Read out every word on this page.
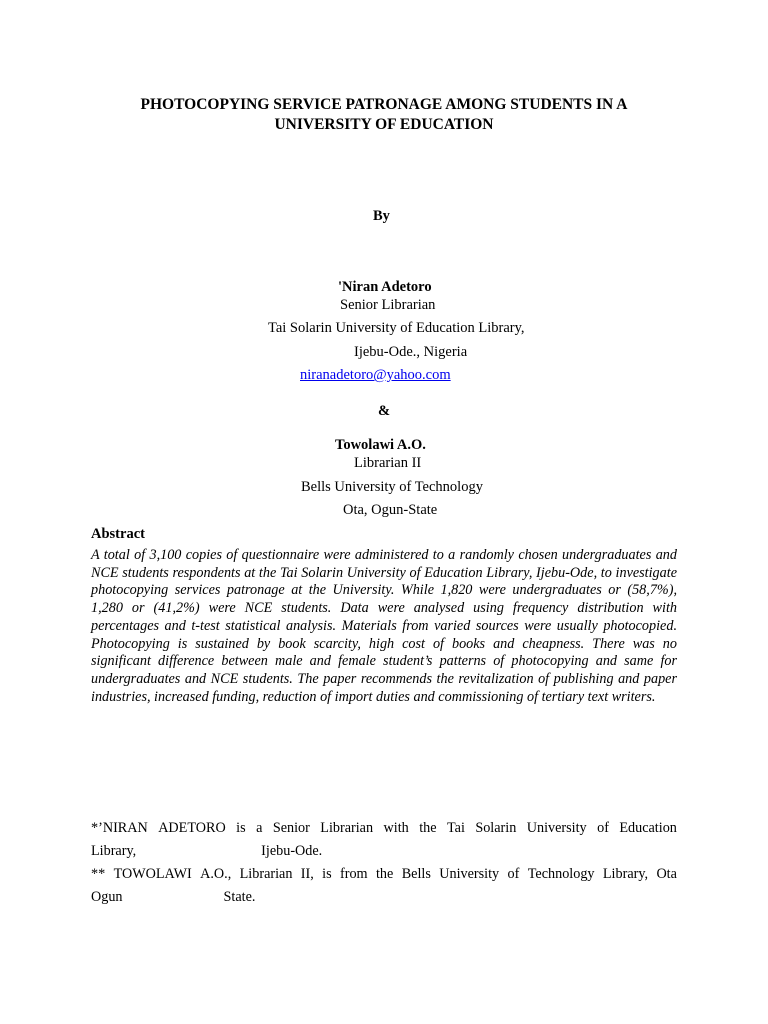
PHOTOCOPYING SERVICE PATRONAGE AMONG STUDENTS IN A
UNIVERSITY OF EDUCATION
By
'Niran Adetoro
Senior Librarian
Tai Solarin University of Education Library,
Ijebu-Ode., Nigeria
niranadetoro@yahoo.com
&
Towolawi A.O.
Librarian II
Bells University of Technology
Ota, Ogun-State
Abstract

A total of 3,100 copies of questionnaire were administered to a randomly chosen undergraduates and NCE students respondents at the Tai Solarin University of Education Library, Ijebu-Ode, to investigate photocopying services patronage at the University. While 1,820 were undergraduates or (58,7%), 1,280 or (41,2%) were NCE students. Data were analysed using frequency distribution with percentages and t-test statistical analysis. Materials from varied sources were usually photocopied. Photocopying is sustained by book scarcity, high cost of books and cheapness. There was no significant difference between male and female student’s patterns of photocopying and same for undergraduates and NCE students. The paper recommends the revitalization of publishing and paper industries, increased funding, reduction of import duties and commissioning of tertiary text writers.

*’NIRAN ADETORO is a Senior Librarian with the Tai Solarin University of Education
Library,	Ijebu-Ode.
** TOWOLAWI A.O., Librarian II, is from the Bells University of Technology Library, Ota
Ogun	State.
